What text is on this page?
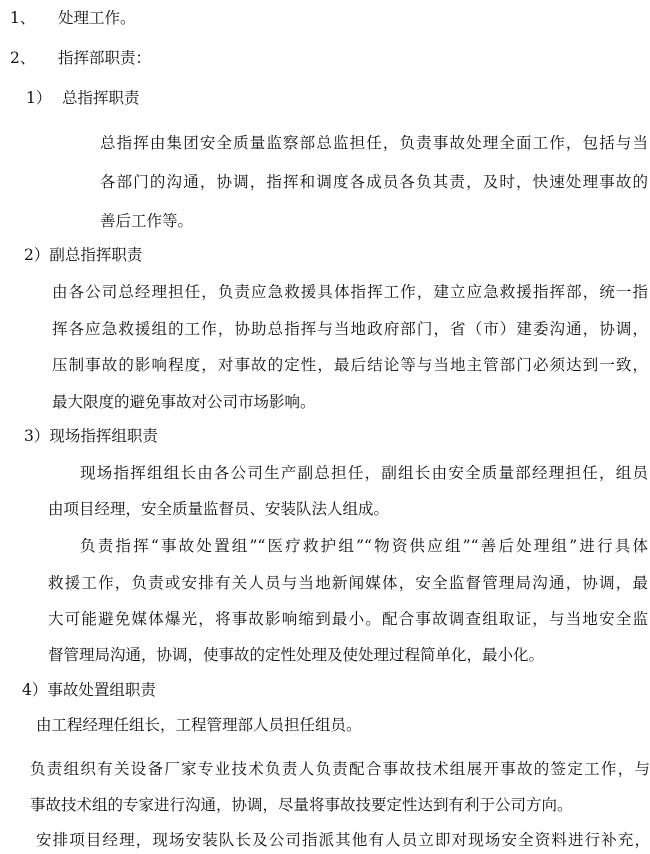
1、 处理工作。
2、 指挥部职责：
1） 总指挥职责
总指挥由集团安全质量监察部总监担任，负责事故处理全面工作，包括与当
各部门的沟通，协调，指挥和调度各成员各负其责，及时，快速处理事故的
善后工作等。
2）副总指挥职责
由各公司总经理担任，负责应急救援具体指挥工作，建立应急救援指挥部，统一指
挥各应急救援组的工作，协助总指挥与当地政府部门，省（市）建委沟通，协调，
压制事故的影响程度，对事故的定性，最后结论等与当地主管部门必须达到一致，
最大限度的避免事故对公司市场影响。
3）现场指挥组职责
现场指挥组组长由各公司生产副总担任，副组长由安全质量部经理担任，组员
由项目经理，安全质量监督员、安装队法人组成。
负责指挥“事故处置组”“医疗救护组”“物资供应组”“善后处理组”进行具体
救援工作，负责或安排有关人员与当地新闻媒体，安全监督管理局沟通，协调，最
大可能避免媒体爆光，将事故影响缩到最小。配合事故调查组取证，与当地安全监
督管理局沟通，协调，使事故的定性处理及使处理过程简单化，最小化。
4）事故处置组职责
由工程经理任组长，工程管理部人员担任组员。
负责组织有关设备厂家专业技术负责人负责配合事故技术组展开事故的签定工作，与
事故技术组的专家进行沟通，协调，尽量将事故技要定性达到有利于公司方向。
安排项目经理，现场安装队长及公司指派其他有人员立即对现场安全资料进行补充，
